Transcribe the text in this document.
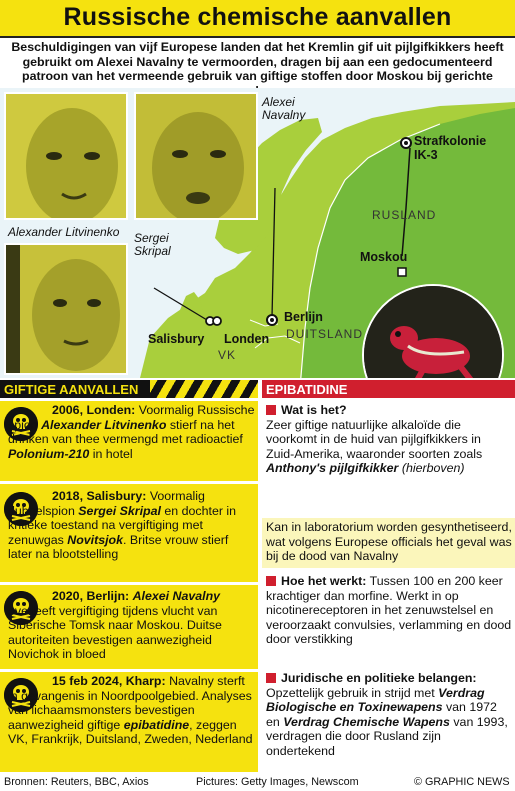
Russische chemische aanvallen
Beschuldigingen van vijf Europese landen dat het Kremlin gif uit pijlgifkikkers heeft gebruikt om Alexei Navalny te vermoorden, dragen bij aan een gedocumenteerd patroon van het vermeende gebruik van giftige stoffen door Moskou bij gerichte
Alexei Navalny
Alexander Litvinenko Sergei Skripal
Strafkolonie IK-3
RUSLAND
Moskou
Berlijn
DUITSLAND
Londen
Salisbury
VK
GIFTIGE AANVALLEN	EPIBATIDINE
2006, Londen: Voormalig Russische spion Alexander Litvinenko stierf na het drinken van thee vermengd met radioactief Polonium-210 in hotel
2018, Salisbury: Voormalig dubbelspion Sergei Skripal en dochter in kritieke toestand na vergiftiging met zenuwgas Novitsjok. Britse vrouw stierf later na blootstelling
2020, Berlijn: Alexei Navalny overleeft vergiftiging tijdens vlucht van Siberische Tomsk naar Moskou. Duitse autoriteiten bevestigen aanwezigheid Novichok in bloed
15 feb 2024, Kharp: Navalny sterft in gevangenis in Noordpoolgebied. Analyses van lichaamsmonsters bevestigen aanwezigheid giftige epibatidine, zeggen VK, Frankrijk, Duitsland, Zweden, Nederland
Wat is het?
Zeer giftige natuurlijke alkaloïde die voorkomt in de huid van pijlgifkikkers in Zuid-Amerika, waaronder soorten zoals Anthony's pijlgifkikker (hierboven)
Kan in laboratorium worden gesynthetiseerd, wat volgens Europese officials het geval was bij de dood van Navalny
Hoe het werkt: Tussen 100 en 200 keer krachtiger dan morfine. Werkt in op nicotinereceptoren in het zenuwstelsel en veroorzaakt convulsies, verlamming en dood door verstikking
Juridische en politieke belangen: Opzettelijk gebruik in strijd met Verdrag Biologische en Toxinewapens van 1972 en Verdrag Chemische Wapens van 1993, verdragen die door Rusland zijn ondertekend
Bronnen: Reuters, BBC, Axios	Pictures: Getty Images, Newscom	© GRAPHIC NEWS
